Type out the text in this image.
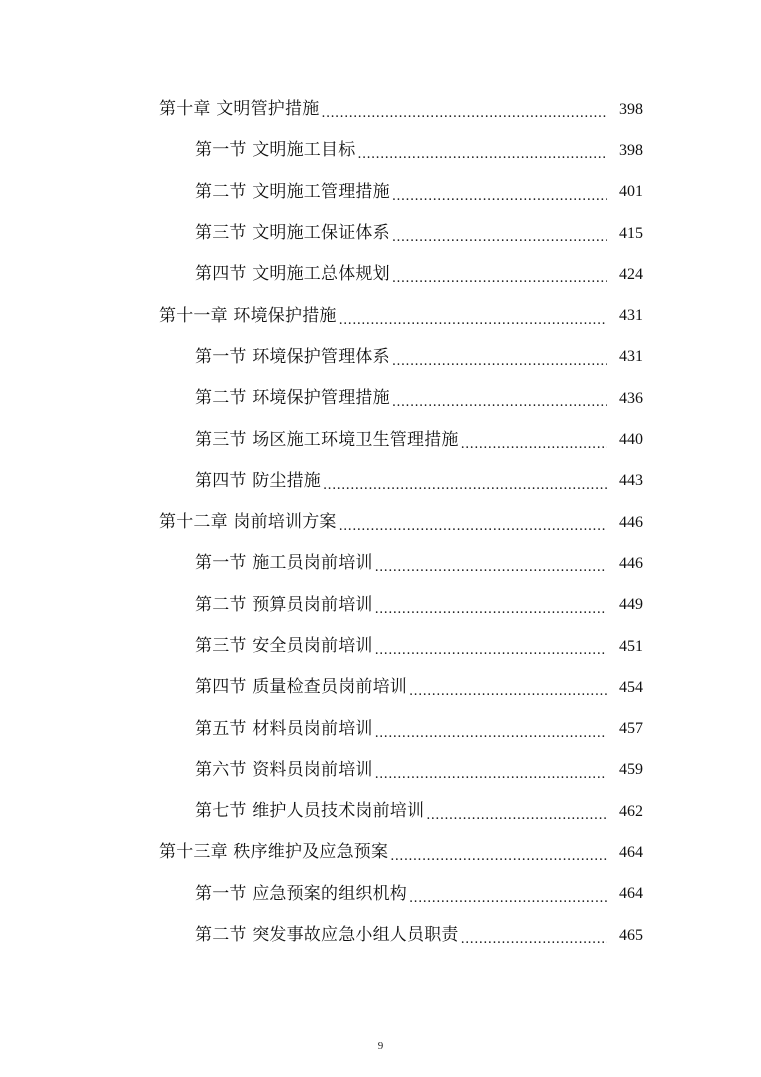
第十章 文明管护措施 .....	398
第一节 文明施工目标 .....	398
第二节 文明施工管理措施 .....	401
第三节 文明施工保证体系 .....	415
第四节 文明施工总体规划 .....	424
第十一章 环境保护措施 .....	431
第一节 环境保护管理体系 .....	431
第二节 环境保护管理措施 .....	436
第三节 场区施工环境卫生管理措施 .....	440
第四节 防尘措施 .....	443
第十二章 岗前培训方案 .....	446
第一节 施工员岗前培训 .....	446
第二节 预算员岗前培训 .....	449
第三节 安全员岗前培训 .....	451
第四节 质量检查员岗前培训 .....	454
第五节 材料员岗前培训 .....	457
第六节 资料员岗前培训 .....	459
第七节 维护人员技术岗前培训 .....	462
第十三章 秩序维护及应急预案 .....	464
第一节 应急预案的组织机构 .....	464
第二节 突发事故应急小组人员职责 .....	465
9
